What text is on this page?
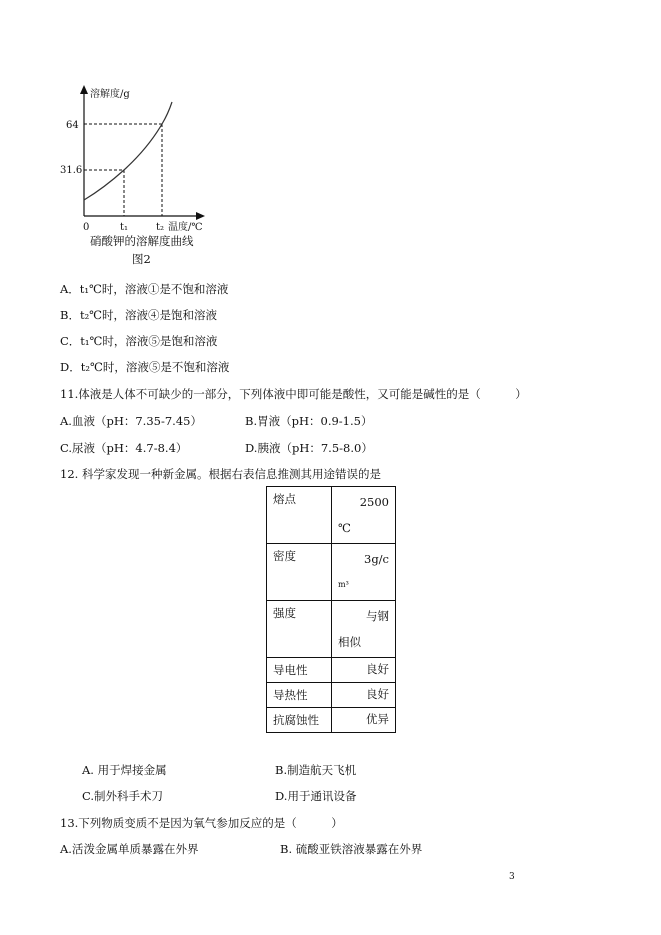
溶解度/g
64
31.6
0	t₁	t₂ 温度/℃
硝酸钾的溶解度曲线
图2
A．t₁℃时，溶液①是不饱和溶液
B．t₂℃时，溶液④是饱和溶液
C．t₁℃时，溶液⑤是饱和溶液
D．t₂℃时，溶液⑤是不饱和溶液
11.体液是人体不可缺少的一部分，下列体液中即可能是酸性，又可能是碱性的是（　　　）
A.血液（pH：7.35-7.45）	B.胃液（pH：0.9-1.5）
C.尿液（pH：4.7-8.4）	D.胰液（pH：7.5-8.0）
12. 科学家发现一种新金属。根据右表信息推测其用途错误的是
熔点	2500
℃

密度	3g/c
m³

强度	与钢
相似

导电性	良好
导热性	良好
抗腐蚀性	优异
A. 用于焊接金属	B.制造航天飞机
C.制外科手术刀	D.用于通讯设备
13.下列物质变质不是因为氧气参加反应的是（　　　）
A.活泼金属单质暴露在外界	B. 硫酸亚铁溶液暴露在外界
3
